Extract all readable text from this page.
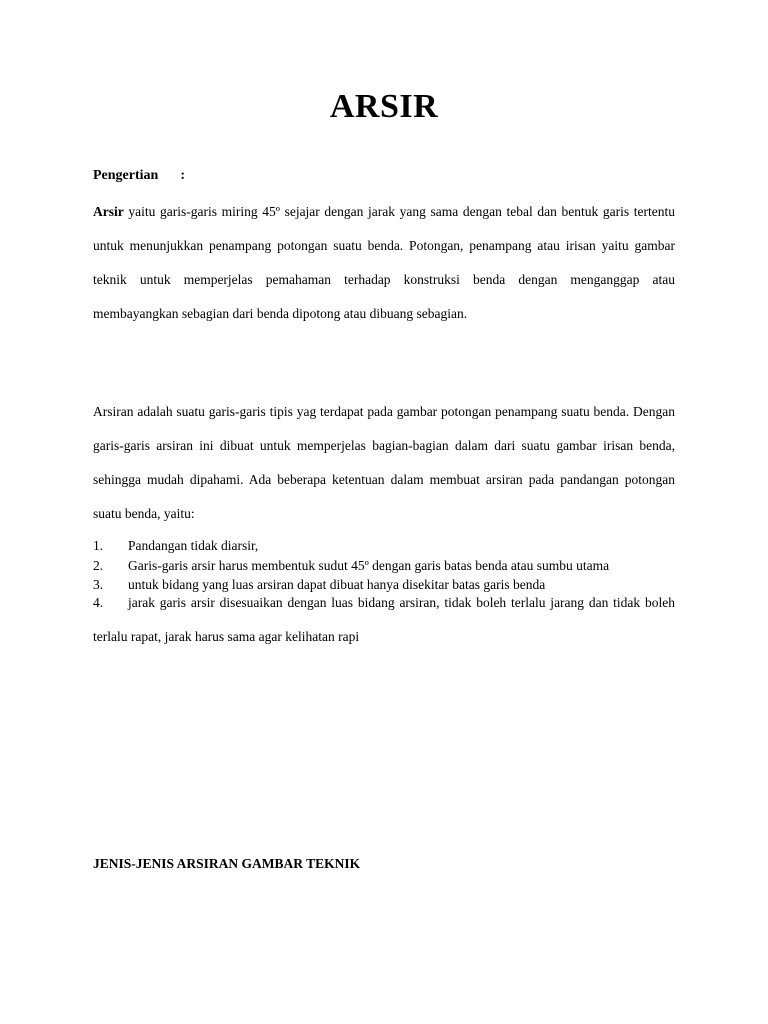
ARSIR
Pengertian :

Arsir yaitu garis-garis miring 45º sejajar dengan jarak yang sama dengan tebal dan bentuk garis tertentu untuk menunjukkan penampang potongan suatu benda. Potongan, penampang atau irisan yaitu gambar teknik untuk memperjelas pemahaman terhadap konstruksi benda dengan menganggap atau membayangkan sebagian dari benda dipotong atau dibuang sebagian.

Arsiran adalah suatu garis-garis tipis yag terdapat pada gambar potongan penampang suatu benda. Dengan garis-garis arsiran ini dibuat untuk memperjelas bagian-bagian dalam dari suatu gambar irisan benda, sehingga mudah dipahami. Ada beberapa ketentuan dalam membuat arsiran pada pandangan potongan suatu benda, yaitu:

1. Pandangan tidak diarsir,
2. Garis-garis arsir harus membentuk sudut 45º dengan garis batas benda atau sumbu utama
3. untuk bidang yang luas arsiran dapat dibuat hanya disekitar batas garis benda
4. jarak garis arsir disesuaikan dengan luas bidang arsiran, tidak boleh terlalu jarang dan tidak boleh terlalu rapat, jarak harus sama agar kelihatan rapi
JENIS-JENIS ARSIRAN GAMBAR TEKNIK
